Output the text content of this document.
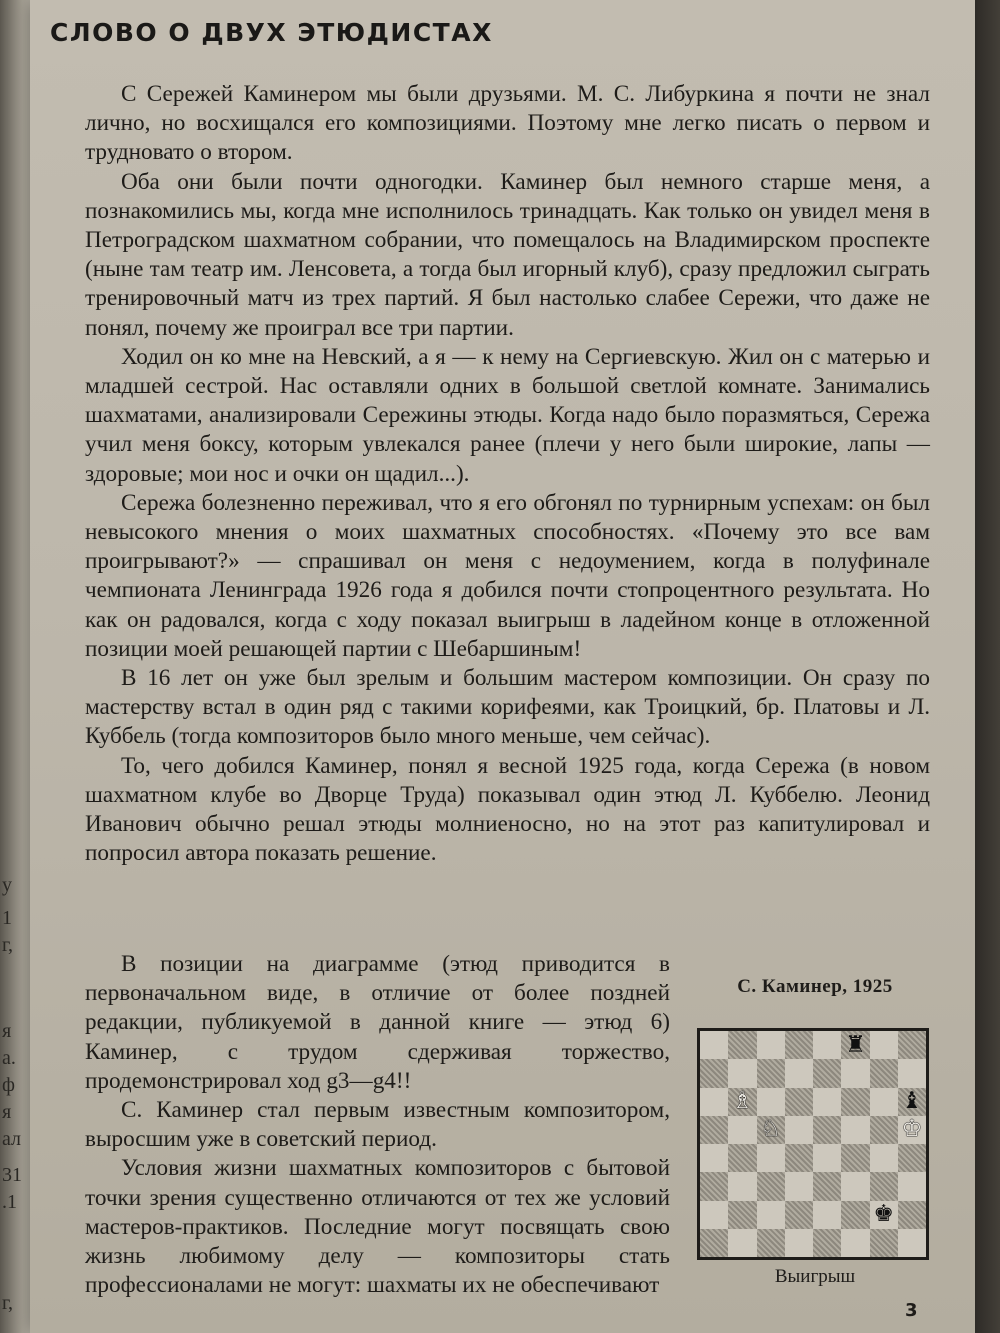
1
г,
я
а.
ф
я
ал
31
.1
г,
у

СЛОВО О ДВУХ ЭТЮДИСТАХ

С Сережей Каминером мы были друзьями. М. С. Либуркина я почти не знал лично, но восхищался его композициями. Поэтому мне легко писать о первом и трудновато о втором.

Оба они были почти одногодки. Каминер был немного старше меня, а познакомились мы, когда мне исполнилось тринадцать. Как только он увидел меня в Петроградском шахматном собрании, что помещалось на Владимирском проспекте (ныне там театр им. Ленсовета, а тогда был игорный клуб), сразу предложил сыграть тренировочный матч из трех партий. Я был настолько слабее Сережи, что даже не понял, почему же проиграл все три партии.

Ходил он ко мне на Невский, а я — к нему на Сергиевскую. Жил он с матерью и младшей сестрой. Нас оставляли одних в большой светлой комнате. Занимались шахматами, анализировали Сережины этюды. Когда надо было поразмяться, Сережа учил меня боксу, которым увлекался ранее (плечи у него были широкие, лапы — здоровые; мои нос и очки он щадил...).

Сережа болезненно переживал, что я его обгонял по турнирным успехам: он был невысокого мнения о моих шахматных способностях. «Почему это все вам проигрывают?» — спрашивал он меня с недоумением, когда в полуфинале чемпионата Ленинграда 1926 года я добился почти стопроцентного результата. Но как он радовался, когда с ходу показал выигрыш в ладейном конце в отложенной позиции моей решающей партии с Шебаршиным!

В 16 лет он уже был зрелым и большим мастером композиции. Он сразу по мастерству встал в один ряд с такими корифеями, как Троицкий, бр. Платовы и Л. Куббель (тогда композиторов было много меньше, чем сейчас).

То, чего добился Каминер, понял я весной 1925 года, когда Сережа (в новом шахматном клубе во Дворце Труда) показывал один этюд Л. Куббелю. Леонид Иванович обычно решал этюды молниеносно, но на этот раз капитулировал и попросил автора показать решение.

В позиции на диаграмме (этюд приводится в первоначальном виде, в отличие от более поздней редакции, публикуемой в данной книге — этюд 6) Каминер, с трудом сдерживая торжество, продемонстрировал ход g3—g4!!

С. Каминер стал первым известным композитором, выросшим уже в советский период.

Условия жизни шахматных композиторов с бытовой точки зрения существенно отличаются от тех же условий мастеров-практиков. Последние могут посвящать свою жизнь любимому делу — композиторы стать профессионалами не могут: шахматы их не обеспечивают

С. Каминер, 1925
♜
♗	♝
♘	♔
♚
Выигрыш
3
